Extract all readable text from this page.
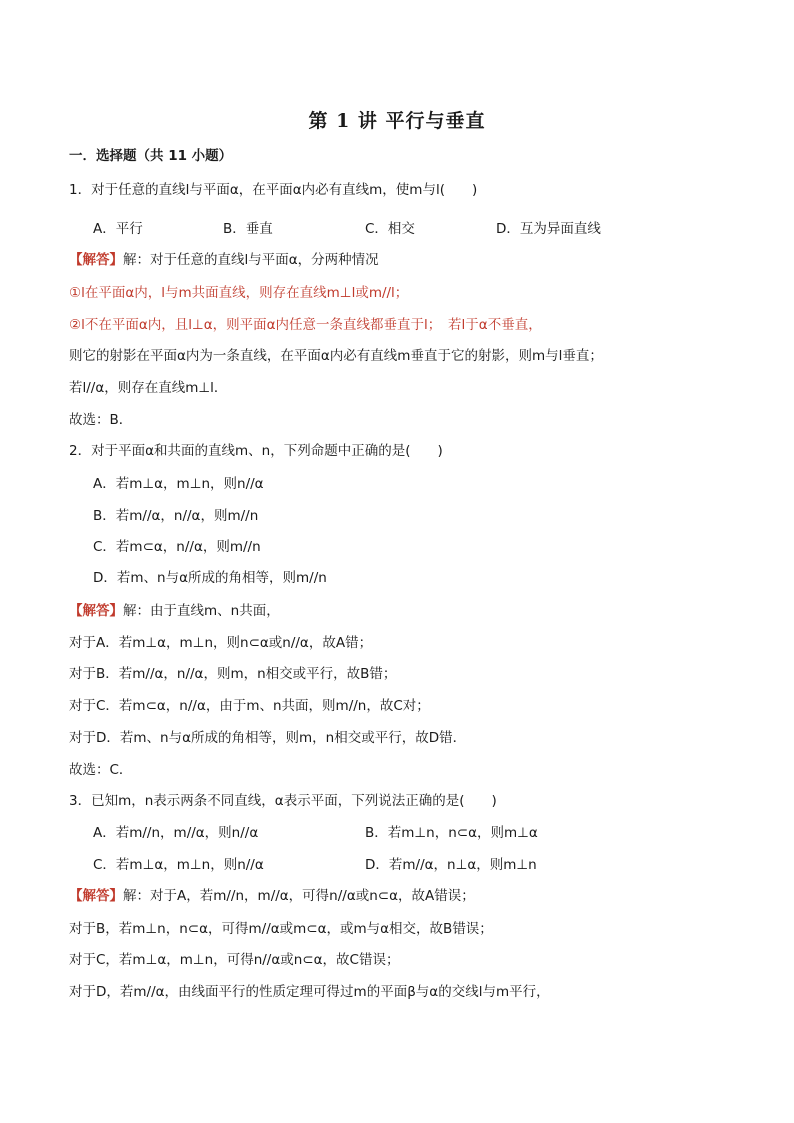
第 1 讲 平行与垂直
一．选择题（共 11 小题）
1．对于任意的直线l与平面α，在平面α内必有直线m，使m与l(　　)
A．平行	B．垂直	C．相交	D．互为异面直线
【解答】解：对于任意的直线l与平面α，分两种情况
①l在平面α内，l与m共面直线，则存在直线m⊥l或m//l；
②l不在平面α内，且l⊥α，则平面α内任意一条直线都垂直于l；　若l于α不垂直，
则它的射影在平面α内为一条直线，在平面α内必有直线m垂直于它的射影，则m与l垂直；
若l//α，则存在直线m⊥l．
故选：B．
2．对于平面α和共面的直线m、n，下列命题中正确的是(　　)
A．若m⊥α，m⊥n，则n//α
B．若m//α，n//α，则m//n
C．若m⊂α，n//α，则m//n
D．若m、n与α所成的角相等，则m//n
【解答】解：由于直线m、n共面，
对于A．若m⊥α，m⊥n，则n⊂α或n//α，故A错；
对于B．若m//α，n//α，则m，n相交或平行，故B错；
对于C．若m⊂α，n//α，由于m、n共面，则m//n，故C对；
对于D．若m、n与α所成的角相等，则m，n相交或平行，故D错．
故选：C．
3．已知m，n表示两条不同直线，α表示平面，下列说法正确的是(　　)
A．若m//n，m//α，则n//α	B．若m⊥n，n⊂α，则m⊥α
C．若m⊥α，m⊥n，则n//α	D．若m//α，n⊥α，则m⊥n
【解答】解：对于A，若m//n，m//α，可得n//α或n⊂α，故A错误；
对于B，若m⊥n，n⊂α，可得m//α或m⊂α，或m与α相交，故B错误；
对于C，若m⊥α，m⊥n，可得n//α或n⊂α，故C错误；
对于D，若m//α，由线面平行的性质定理可得过m的平面β与α的交线l与m平行，
